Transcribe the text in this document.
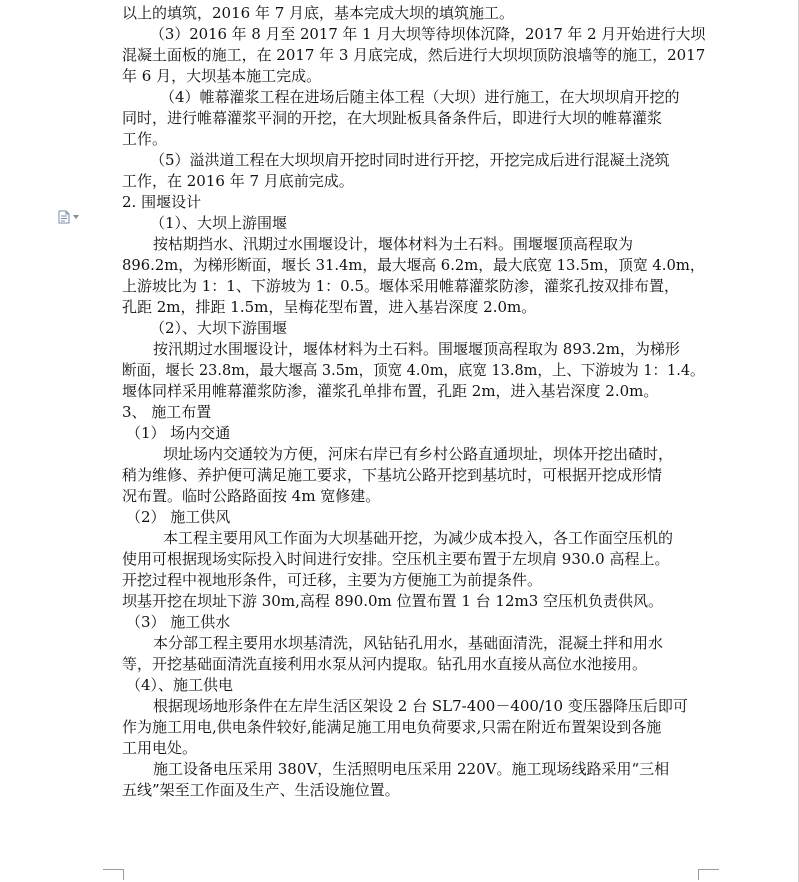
以上的填筑，2016 年 7 月底，基本完成大坝的填筑施工。
（3）2016 年 8 月至 2017 年 1 月大坝等待坝体沉降，2017 年 2 月开始进行大坝
混凝土面板的施工，在 2017 年 3 月底完成，然后进行大坝坝顶防浪墙等的施工，2017
年 6 月，大坝基本施工完成。
（4）帷幕灌浆工程在进场后随主体工程（大坝）进行施工，在大坝坝肩开挖的
同时，进行帷幕灌浆平洞的开挖，在大坝趾板具备条件后，即进行大坝的帷幕灌浆
工作。
（5）溢洪道工程在大坝坝肩开挖时同时进行开挖，开挖完成后进行混凝土浇筑
工作，在 2016 年 7 月底前完成。
2. 围堰设计
（1）、大坝上游围堰
按枯期挡水、汛期过水围堰设计，堰体材料为土石料。围堰堰顶高程取为
896.2m，为梯形断面，堰长 31.4m，最大堰高 6.2m，最大底宽 13.5m，顶宽 4.0m，
上游坡比为 1：1、下游坡为 1：0.5。堰体采用帷幕灌浆防渗，灌浆孔按双排布置，
孔距 2m，排距 1.5m，呈梅花型布置，进入基岩深度 2.0m。
（2）、大坝下游围堰
按汛期过水围堰设计，堰体材料为土石料。围堰堰顶高程取为 893.2m，为梯形
断面，堰长 23.8m，最大堰高 3.5m，顶宽 4.0m，底宽 13.8m，上、下游坡为 1：1.4。
堰体同样采用帷幕灌浆防渗，灌浆孔单排布置，孔距 2m，进入基岩深度 2.0m。
3、 施工布置
（1） 场内交通
坝址场内交通较为方便，河床右岸已有乡村公路直通坝址，坝体开挖出碴时，
稍为维修、养护便可满足施工要求，下基坑公路开挖到基坑时，可根据开挖成形情
况布置。临时公路路面按 4m 宽修建。
（2） 施工供风
本工程主要用风工作面为大坝基础开挖，为减少成本投入，各工作面空压机的
使用可根据现场实际投入时间进行安排。空压机主要布置于左坝肩 930.0 高程上。
开挖过程中视地形条件，可迁移，主要为方便施工为前提条件。
坝基开挖在坝址下游 30m,高程 890.0m 位置布置 1 台 12m3 空压机负责供风。
（3） 施工供水
本分部工程主要用水坝基清洗，风钻钻孔用水，基础面清洗，混凝土拌和用水
等，开挖基础面清洗直接利用水泵从河内提取。钻孔用水直接从高位水池接用。
（4）、施工供电
根据现场地形条件在左岸生活区架设 2 台 SL7-400－400/10 变压器降压后即可
作为施工用电,供电条件较好,能满足施工用电负荷要求,只需在附近布置架设到各施
工用电处。
施工设备电压采用 380V，生活照明电压采用 220V。施工现场线路采用“三相
五线”架至工作面及生产、生活设施位置。
